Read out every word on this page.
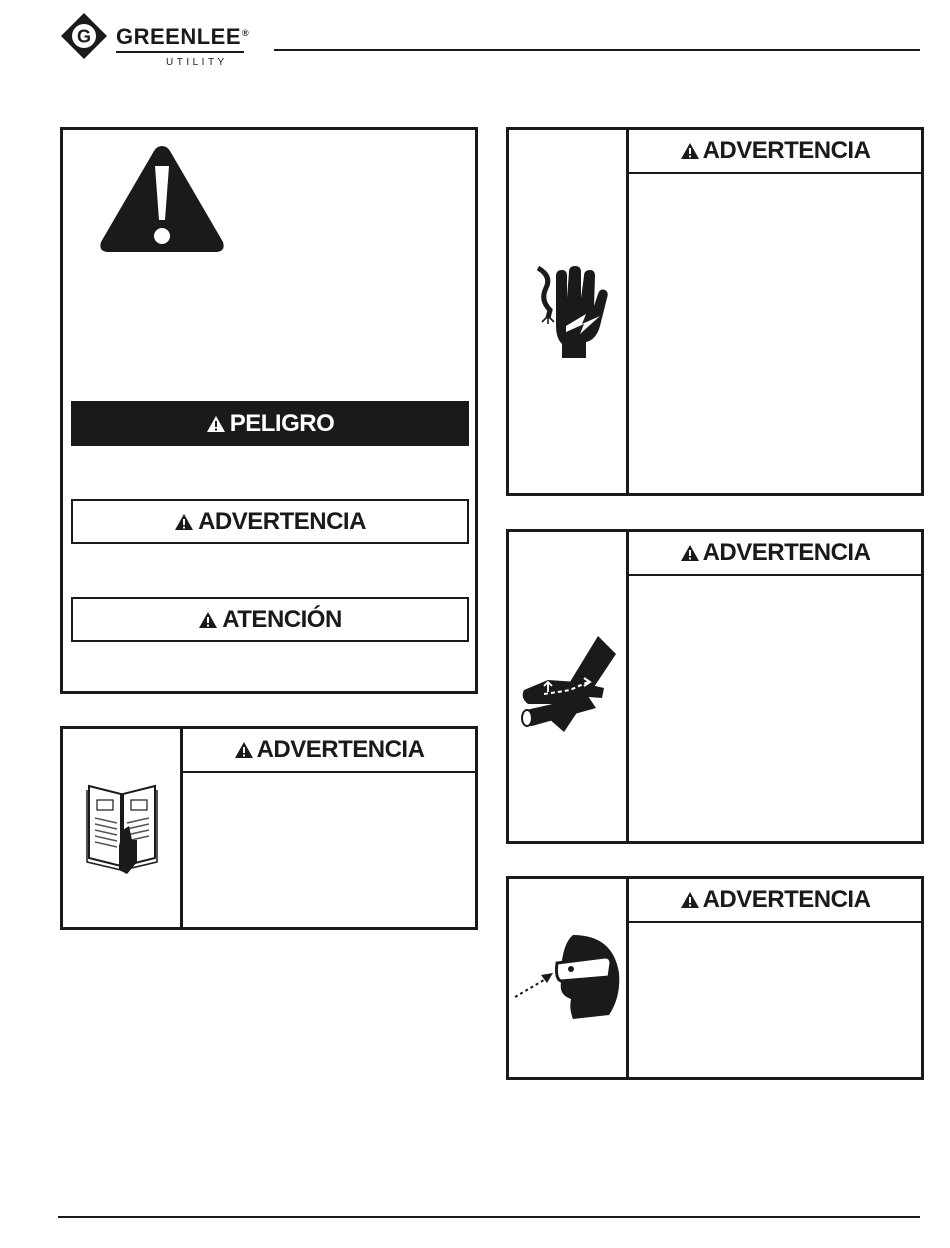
G GREENLEE®
UTILITY
PELIGRO
ADVERTENCIA
ATENCIÓN
ADVERTENCIA
ADVERTENCIA
ADVERTENCIA
ADVERTENCIA
